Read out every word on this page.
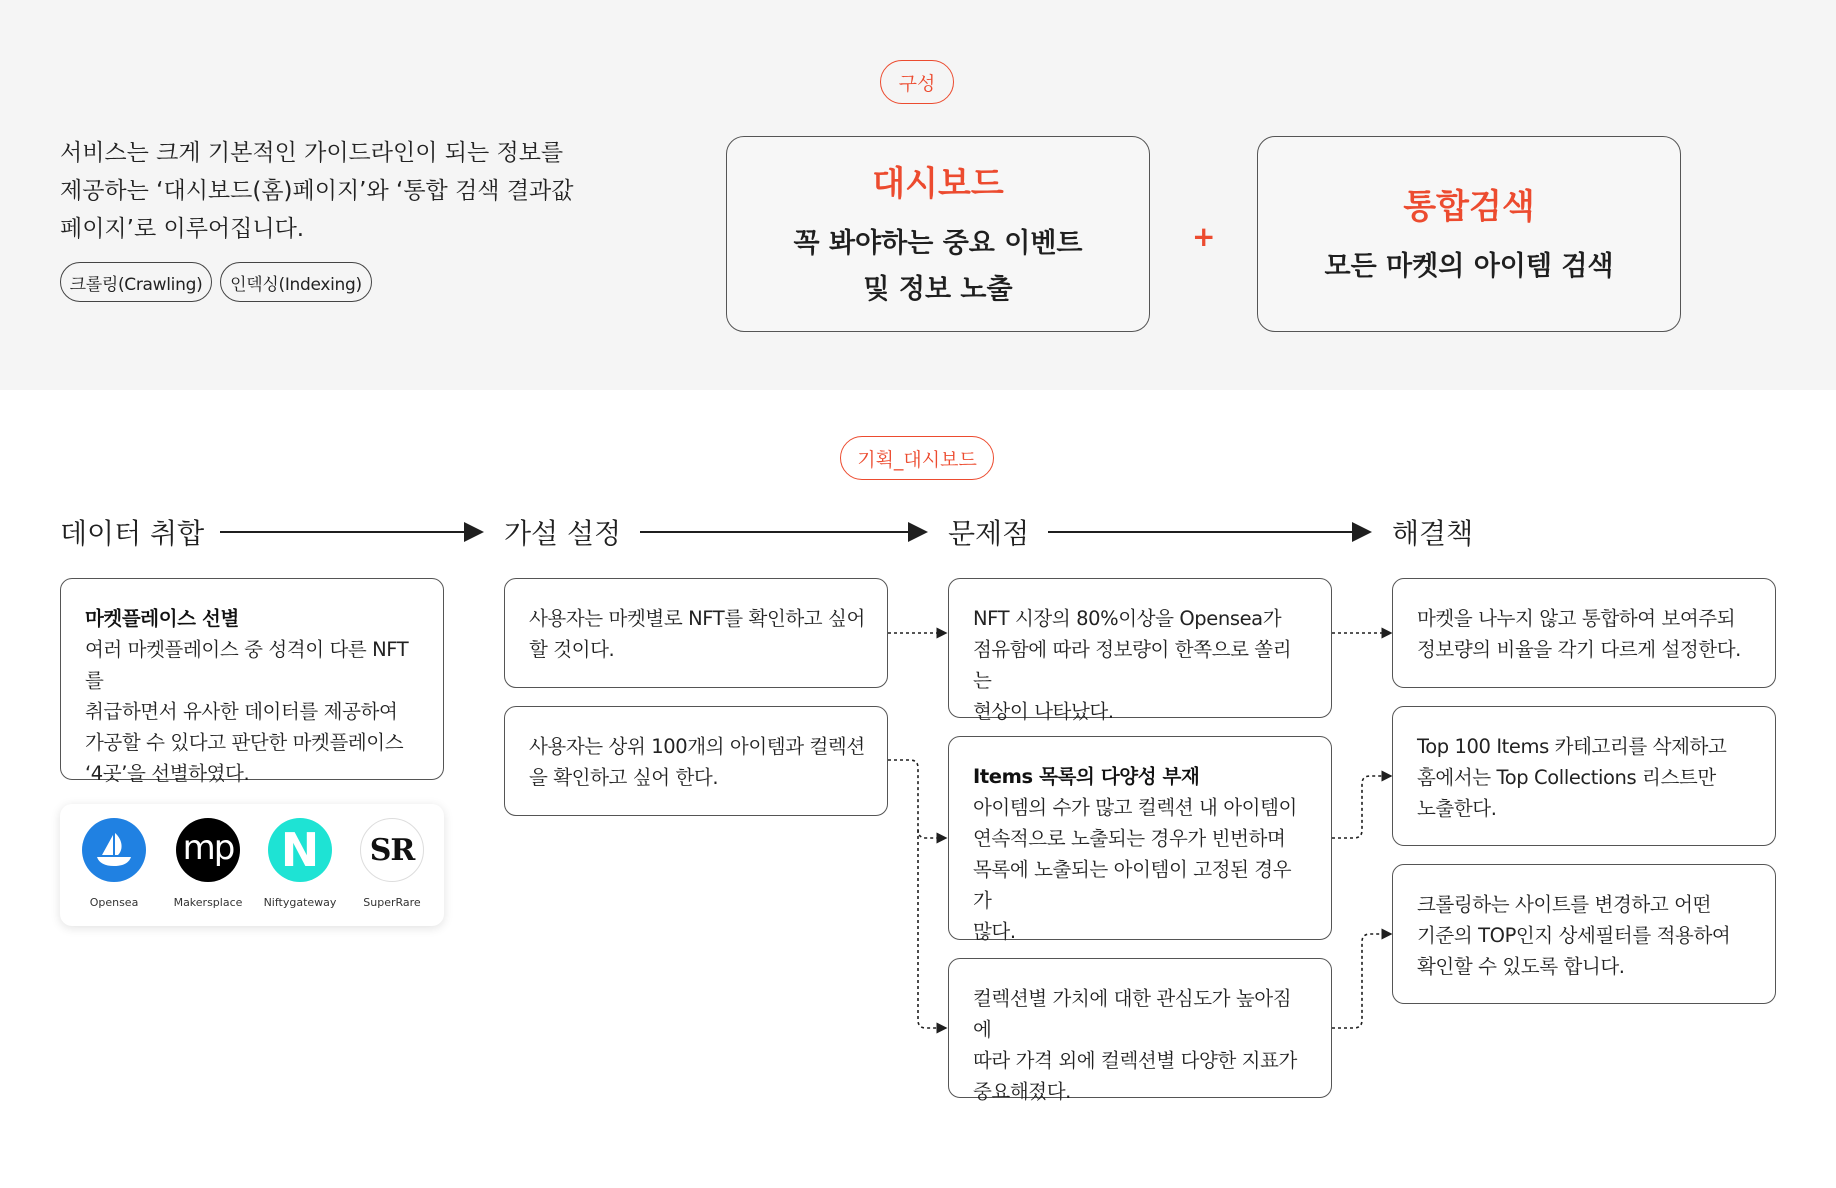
구성
서비스는 크게 기본적인 가이드라인이 되는 정보를
제공하는 ‘대시보드(홈)페이지’와 ‘통합 검색 결과값
페이지’로 이루어집니다.
크롤링(Crawling)	인덱싱(Indexing)
대시보드
꼭 봐야하는 중요 이벤트
및 정보 노출
+
통합검색
모든 마켓의 아이템 검색
기획_대시보드
데이터 취합	가설 설정	문제점	해결책
마켓플레이스 선별
여러 마켓플레이스 중 성격이 다른 NFT를
취급하면서 유사한 데이터를 제공하여
가공할 수 있다고 판단한 마켓플레이스
‘4곳’을 선별하였다.
Opensea
mp
Makersplace
N
Niftygateway
SR
SuperRare
사용자는 마켓별로 NFT를 확인하고 싶어
할 것이다.
사용자는 상위 100개의 아이템과 컬렉션
을 확인하고 싶어 한다.
NFT 시장의 80%이상을 Opensea가
점유함에 따라 정보량이 한쪽으로 쏠리는
현상이 나타났다.
Items 목록의 다양성 부재
아이템의 수가 많고 컬렉션 내 아이템이
연속적으로 노출되는 경우가 빈번하며
목록에 노출되는 아이템이 고정된 경우가
많다.
컬렉션별 가치에 대한 관심도가 높아짐에
따라 가격 외에 컬렉션별 다양한 지표가
중요해졌다.
마켓을 나누지 않고 통합하여 보여주되
정보량의 비율을 각기 다르게 설정한다.
Top 100 Items 카테고리를 삭제하고
홈에서는 Top Collections 리스트만
노출한다.
크롤링하는 사이트를 변경하고 어떤
기준의 TOP인지 상세필터를 적용하여
확인할 수 있도록 합니다.
